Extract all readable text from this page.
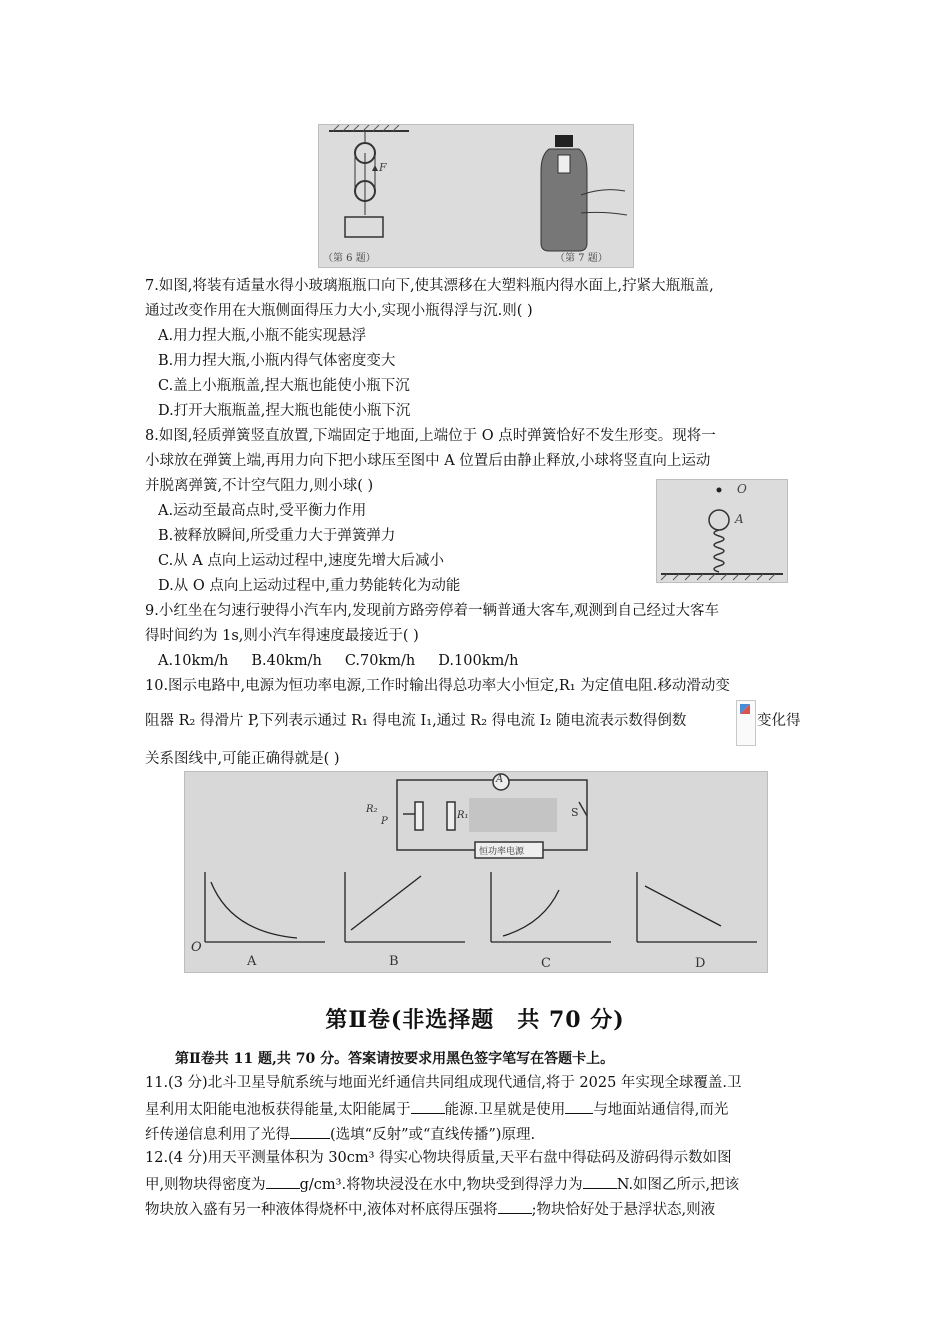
（第 6 题）	（第 7 题）
F
7.如图,将装有适量水得小玻璃瓶瓶口向下,使其漂移在大塑料瓶内得水面上,拧紧大瓶瓶盖,
通过改变作用在大瓶侧面得压力大小,实现小瓶得浮与沉.则( )
A.用力捏大瓶,小瓶不能实现悬浮
B.用力捏大瓶,小瓶内得气体密度变大
C.盖上小瓶瓶盖,捏大瓶也能使小瓶下沉
D.打开大瓶瓶盖,捏大瓶也能使小瓶下沉
8.如图,轻质弹簧竖直放置,下端固定于地面,上端位于 O 点时弹簧恰好不发生形变。现将一
小球放在弹簧上端,再用力向下把小球压至图中 A 位置后由静止释放,小球将竖直向上运动
并脱离弹簧,不计空气阻力,则小球( )
A.运动至最高点时,受平衡力作用
B.被释放瞬间,所受重力大于弹簧弹力
C.从 A 点向上运动过程中,速度先增大后减小
D.从 O 点向上运动过程中,重力势能转化为动能
O
A
9.小红坐在匀速行驶得小汽车内,发现前方路旁停着一辆普通大客车,观测到自己经过大客车
得时间约为 1s,则小汽车得速度最接近于( )
A.10km/h     B.40km/h     C.70km/h     D.100km/h
10.图示电路中,电源为恒功率电源,工作时输出得总功率大小恒定,R₁ 为定值电阻.移动滑动变
阻器 R₂ 得滑片 P,下列表示通过 R₁ 得电流 I₁,通过 R₂ 得电流 I₂ 随电流表示数得倒数	变化得
关系图线中,可能正确得就是( )
R₂
R₁
A
S
P
恒功率电源
O
A	B	C	D
第Ⅱ卷(非选择题　共 70 分)
第Ⅱ卷共 11 题,共 70 分。答案请按要求用黑色签字笔写在答题卡上。
11.(3 分)北斗卫星导航系统与地面光纤通信共同组成现代通信,将于 2025 年实现全球覆盖.卫
星利用太阳能电池板获得能量,太阳能属于 能源.卫星就是使用 与地面站通信得,而光
纤传递信息利用了光得	(选填“反射”或“直线传播”)原理.
12.(4 分)用天平测量体积为 30cm³ 得实心物块得质量,天平右盘中得砝码及游码得示数如图
甲,则物块得密度为 g/cm³.将物块浸没在水中,物块受到得浮力为 N.如图乙所示,把该
物块放入盛有另一种液体得烧杯中,液体对杯底得压强将 ;物块恰好处于悬浮状态,则液
